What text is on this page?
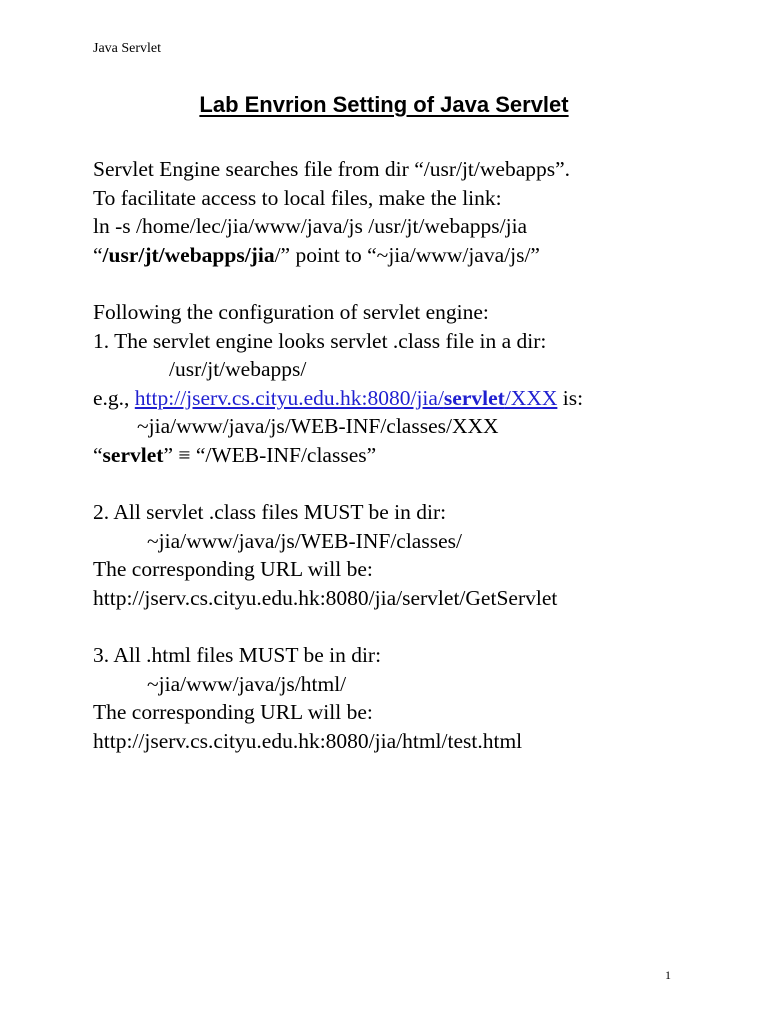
Java Servlet
Lab Envrion Setting of Java Servlet
Servlet Engine searches file from dir “/usr/jt/webapps”.
To facilitate access to local files, make the link:
ln -s /home/lec/jia/www/java/js /usr/jt/webapps/jia
“/usr/jt/webapps/jia/” point to “~jia/www/java/js/”
Following the configuration of servlet engine:
1. The servlet engine looks servlet .class file in a dir:
/usr/jt/webapps/
e.g., http://jserv.cs.cityu.edu.hk:8080/jia/servlet/XXX is:
~jia/www/java/js/WEB-INF/classes/XXX
“servlet” ≡ “/WEB-INF/classes”
2. All servlet .class files MUST be in dir:
~jia/www/java/js/WEB-INF/classes/
The corresponding URL will be:
http://jserv.cs.cityu.edu.hk:8080/jia/servlet/GetServlet
3. All .html files MUST be in dir:
~jia/www/java/js/html/
The corresponding URL will be:
http://jserv.cs.cityu.edu.hk:8080/jia/html/test.html
1
